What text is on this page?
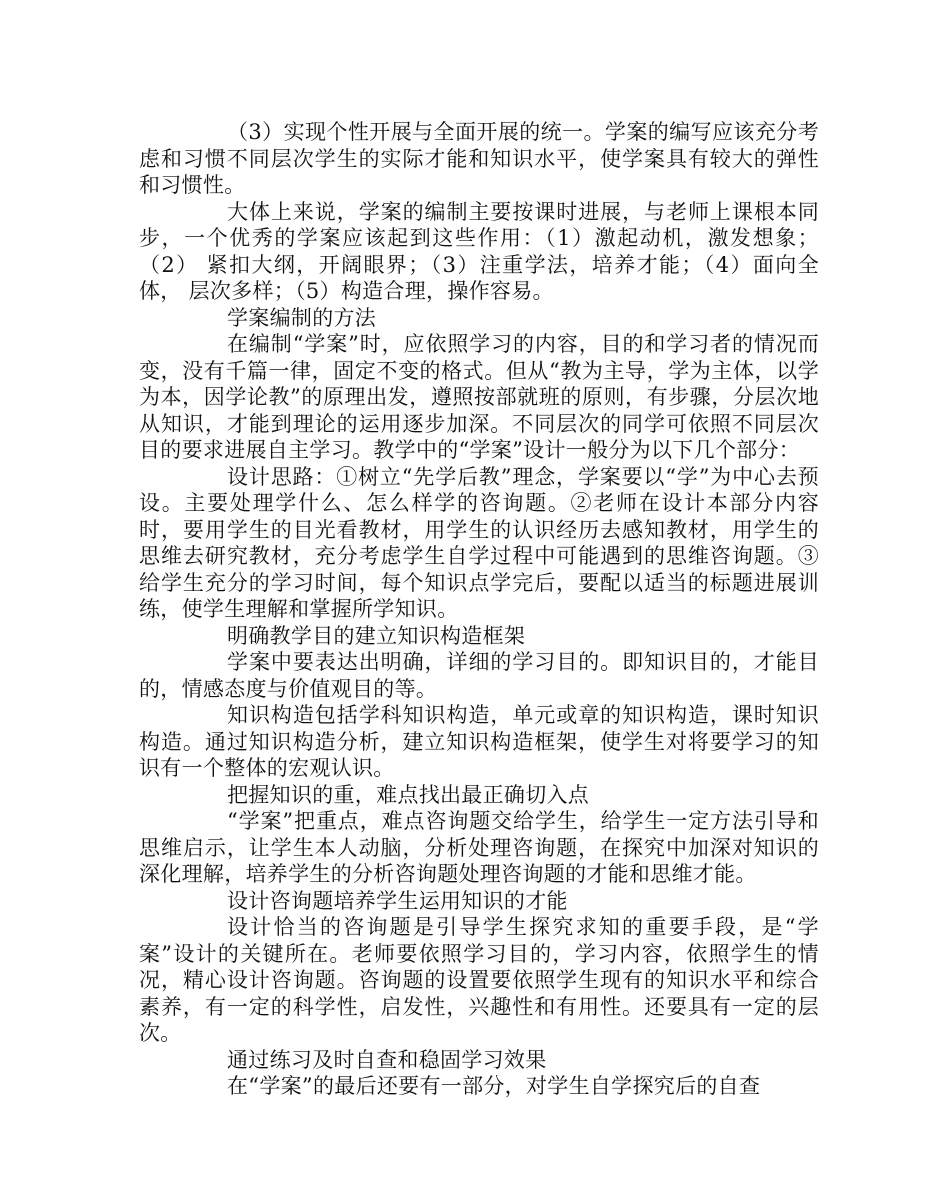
（3）实现个性开展与全面开展的统一。学案的编写应该充分考虑和习惯不同层次学生的实际才能和知识水平，使学案具有较大的弹性和习惯性。

大体上来说，学案的编制主要按课时进展，与老师上课根本同步，一个优秀的学案应该起到这些作用：（1）激起动机，激发想象；（2） 紧扣大纲，开阔眼界；（3）注重学法，培养才能；（4）面向全体， 层次多样；（5）构造合理，操作容易。

学案编制的方法

在编制“学案”时，应依照学习的内容，目的和学习者的情况而变，没有千篇一律，固定不变的格式。但从“教为主导，学为主体，以学为本，因学论教”的原理出发，遵照按部就班的原则，有步骤，分层次地从知识，才能到理论的运用逐步加深。不同层次的同学可依照不同层次目的要求进展自主学习。教学中的“学案”设计一般分为以下几个部分：

设计思路：①树立“先学后教”理念，学案要以“学”为中心去预设。主要处理学什么、怎么样学的咨询题。②老师在设计本部分内容时，要用学生的目光看教材，用学生的认识经历去感知教材，用学生的思维去研究教材，充分考虑学生自学过程中可能遇到的思维咨询题。③给学生充分的学习时间，每个知识点学完后，要配以适当的标题进展训练，使学生理解和掌握所学知识。

明确教学目的建立知识构造框架

学案中要表达出明确，详细的学习目的。即知识目的，才能目的，情感态度与价值观目的等。

知识构造包括学科知识构造，单元或章的知识构造，课时知识构造。通过知识构造分析，建立知识构造框架，使学生对将要学习的知识有一个整体的宏观认识。

把握知识的重，难点找出最正确切入点

“学案”把重点，难点咨询题交给学生，给学生一定方法引导和思维启示，让学生本人动脑，分析处理咨询题，在探究中加深对知识的深化理解，培养学生的分析咨询题处理咨询题的才能和思维才能。

设计咨询题培养学生运用知识的才能

设计恰当的咨询题是引导学生探究求知的重要手段，是“学案”设计的关键所在。老师要依照学习目的，学习内容，依照学生的情况，精心设计咨询题。咨询题的设置要依照学生现有的知识水平和综合素养，有一定的科学性，启发性，兴趣性和有用性。还要具有一定的层次。

通过练习及时自查和稳固学习效果

在“学案”的最后还要有一部分，对学生自学探究后的自查
